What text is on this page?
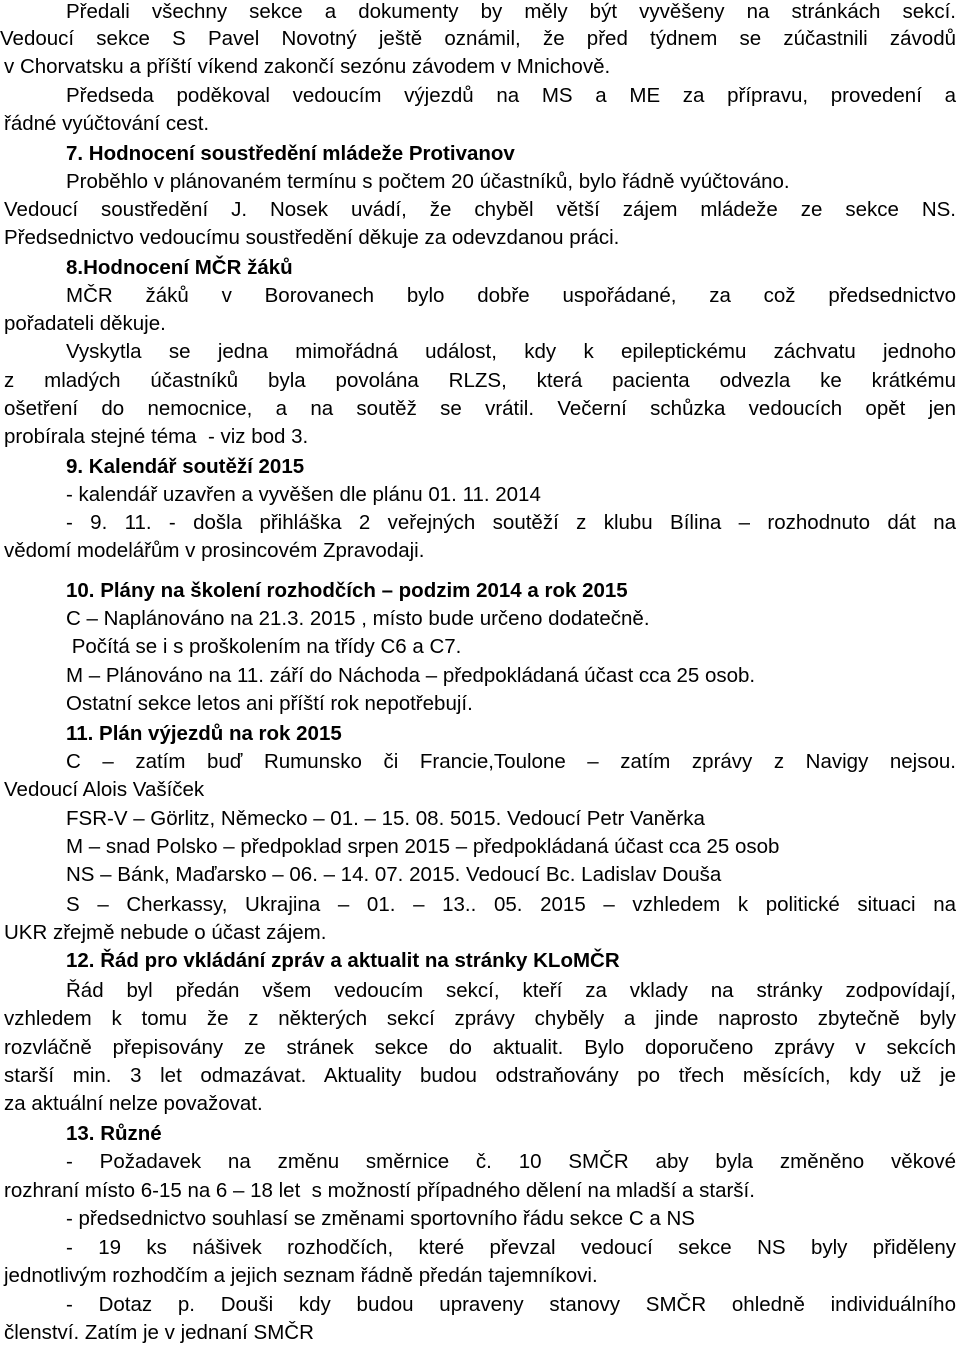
Předali všechny sekce a dokumenty by měly být vyvěšeny na stránkách sekcí.
Vedoucí sekce S Pavel Novotný ještě oznámil, že před týdnem se zúčastnili závodů
v Chorvatsku a příští víkend zakončí sezónu závodem v Mnichově.
Předseda poděkoval vedoucím výjezdů na MS a ME za přípravu, provedení a
řádné vyúčtování cest.
7. Hodnocení soustředění mládeže Protivanov
Proběhlo v plánovaném termínu s počtem 20 účastníků, bylo řádně vyúčtováno.
Vedoucí soustředění J. Nosek uvádí, že chyběl větší zájem mládeže ze sekce NS.
Předsednictvo vedoucímu soustředění děkuje za odevzdanou práci.
8.Hodnocení MČR žáků
MČR žáků v Borovanech bylo dobře uspořádané, za což předsednictvo
pořadateli děkuje.
Vyskytla se jedna mimořádná událost, kdy k epileptickému záchvatu jednoho
z mladých účastníků byla povolána RLZS, která pacienta odvezla ke krátkému
ošetření do nemocnice, a na soutěž se vrátil. Večerní schůzka vedoucích opět jen
probírala stejné téma  - viz bod 3.
9. Kalendář soutěží 2015
- kalendář uzavřen a vyvěšen dle plánu 01. 11. 2014
- 9. 11. - došla přihláška 2 veřejných soutěží z klubu Bílina – rozhodnuto dát na
vědomí modelářům v prosincovém Zpravodaji.
10. Plány na školení rozhodčích – podzim 2014 a rok 2015
C – Naplánováno na 21.3. 2015 , místo bude určeno dodatečně.
Počítá se i s proškolením na třídy C6 a C7.
M – Plánováno na 11. září do Náchoda – předpokládaná účast cca 25 osob.
Ostatní sekce letos ani příští rok nepotřebují.
11. Plán výjezdů na rok 2015
C – zatím buď Rumunsko či Francie,Toulone – zatím zprávy z Navigy nejsou.
Vedoucí Alois Vašíček
FSR-V – Görlitz, Německo – 01. – 15. 08. 5015. Vedoucí Petr Vaněrka
M – snad Polsko – předpoklad srpen 2015 – předpokládaná účast cca 25 osob
NS – Bánk, Maďarsko – 06. – 14. 07. 2015. Vedoucí Bc. Ladislav Douša
S – Cherkassy, Ukrajina – 01. – 13.. 05. 2015 – vzhledem k politické situaci na
UKR zřejmě nebude o účast zájem.
12. Řád pro vkládání zpráv a aktualit na stránky KLoMČR
Řád byl předán všem vedoucím sekcí, kteří za vklady na stránky zodpovídají,
vzhledem k tomu že z některých sekcí zprávy chyběly a jinde naprosto zbytečně byly
rozvláčně přepisovány ze stránek sekce do aktualit. Bylo doporučeno zprávy v sekcích
starší min. 3 let odmazávat. Aktuality budou odstraňovány po třech měsících, kdy už je
za aktuální nelze považovat.
13. Různé
- Požadavek na změnu směrnice č. 10 SMČR aby byla změněno věkové
rozhraní místo 6-15 na 6 – 18 let  s možností případného dělení na mladší a starší.
- předsednictvo souhlasí se změnami sportovního řádu sekce C a NS
- 19 ks nášivek rozhodčích, které převzal vedoucí sekce NS byly přiděleny
jednotlivým rozhodčím a jejich seznam řádně předán tajemníkovi.
- Dotaz p. Douši kdy budou upraveny stanovy SMČR ohledně individuálního
členství. Zatím je v jednaní SMČR
